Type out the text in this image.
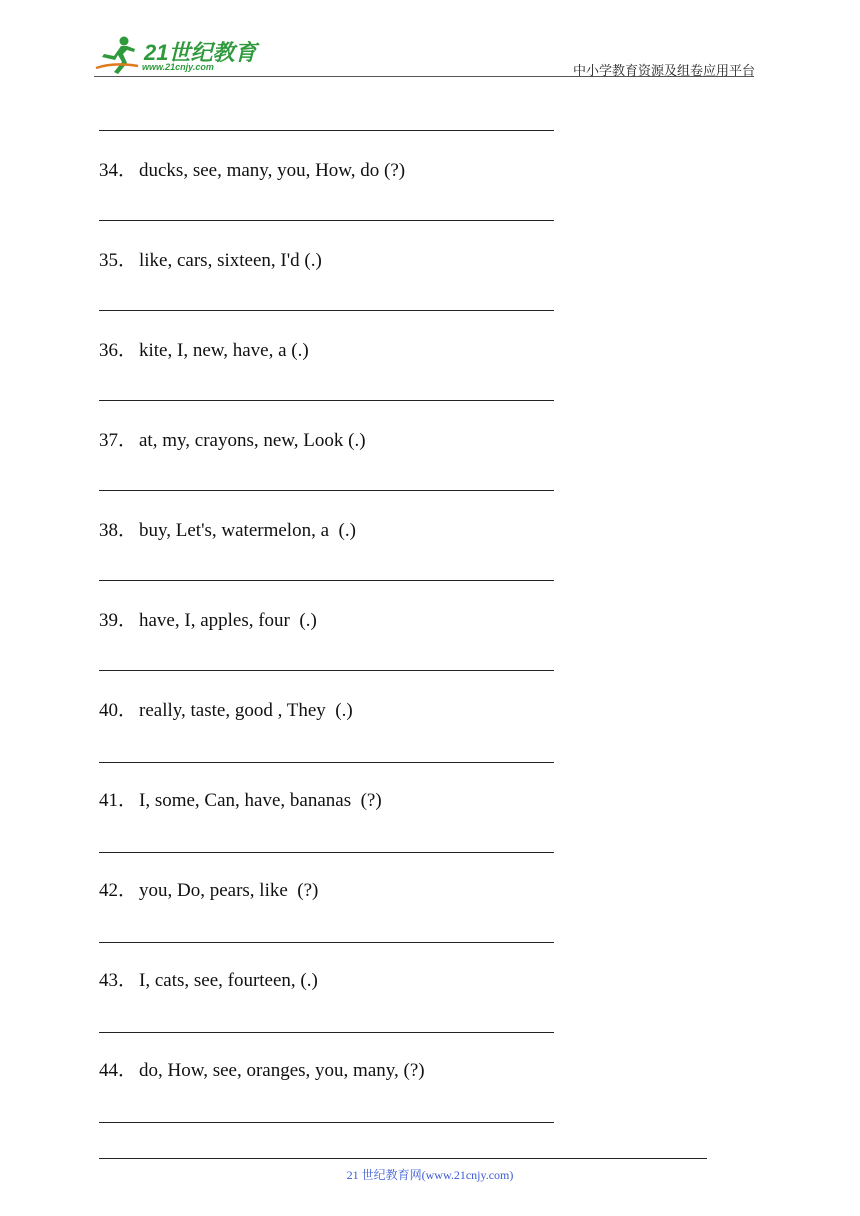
21世纪教育
www.21cnjy.com	中小学教育资源及组卷应用平台
34． ducks, see, many, you, How, do (?)
35． like, cars, sixteen, I'd (.)
36． kite, I, new, have, a (.)
37． at, my, crayons, new, Look (.)
38． buy, Let's, watermelon, a  (.)
39． have, I, apples, four  (.)
40． really, taste, good , They  (.)
41． I, some, Can, have, bananas  (?)
42． you, Do, pears, like  (?)
43． I, cats, see, fourteen, (.)
44． do, How, see, oranges, you, many, (?)
21 世纪教育网(www.21cnjy.com)
